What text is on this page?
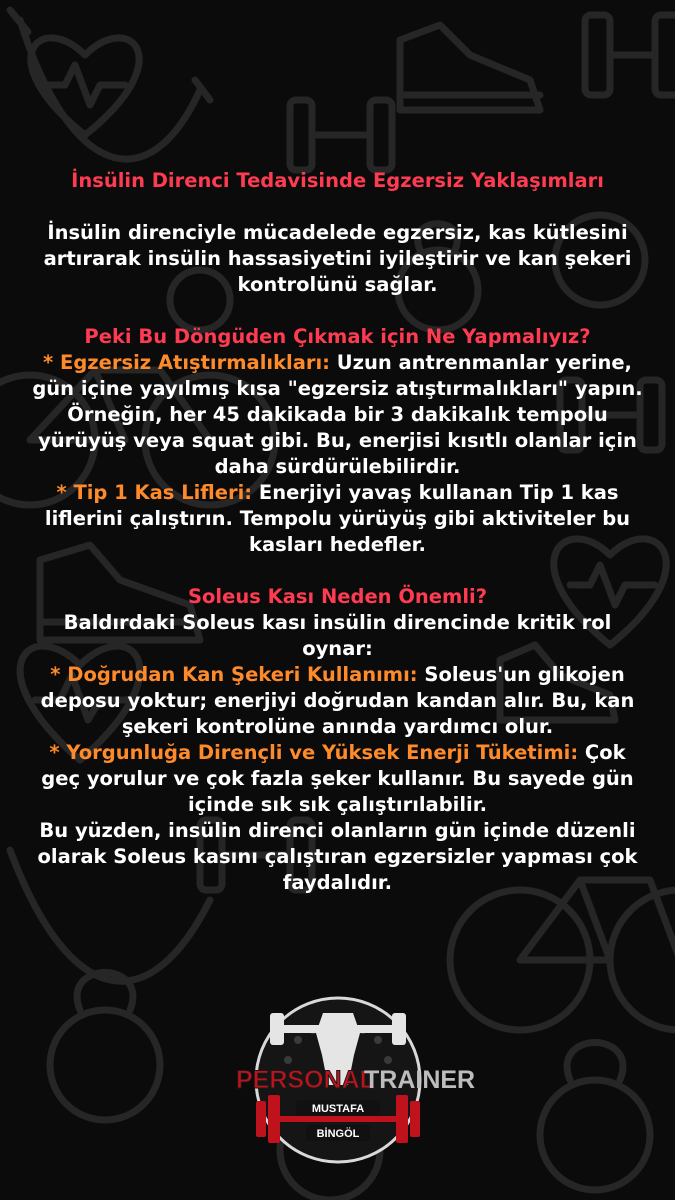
İnsülin Direnci Tedavisinde Egzersiz Yaklaşımları

İnsülin direnciyle mücadelede egzersiz, kas kütlesini artırarak insülin hassasiyetini iyileştirir ve kan şekeri kontrolünü sağlar.

Peki Bu Döngüden Çıkmak için Ne Yapmalıyız?

* Egzersiz Atıştırmalıkları: Uzun antrenmanlar yerine, gün içine yayılmış kısa "egzersiz atıştırmalıkları" yapın. Örneğin, her 45 dakikada bir 3 dakikalık tempolu yürüyüş veya squat gibi. Bu, enerjisi kısıtlı olanlar için daha sürdürülebilirdir.

* Tip 1 Kas Lifleri: Enerjiyi yavaş kullanan Tip 1 kas liflerini çalıştırın. Tempolu yürüyüş gibi aktiviteler bu kasları hedefler.

Soleus Kası Neden Önemli?

Baldırdaki Soleus kası insülin direncinde kritik rol oynar:

* Doğrudan Kan Şekeri Kullanımı: Soleus'un glikojen deposu yoktur; enerjiyi doğrudan kandan alır. Bu, kan şekeri kontrolüne anında yardımcı olur.

* Yorgunluğa Dirençli ve Yüksek Enerji Tüketimi: Çok geç yorulur ve çok fazla şeker kullanır. Bu sayede gün içinde sık sık çalıştırılabilir.

Bu yüzden, insülin direnci olanların gün içinde düzenli olarak Soleus kasını çalıştıran egzersizler yapması çok faydalıdır.

PERSONAL
TRAINER
MUSTAFA
BİNGÖL
